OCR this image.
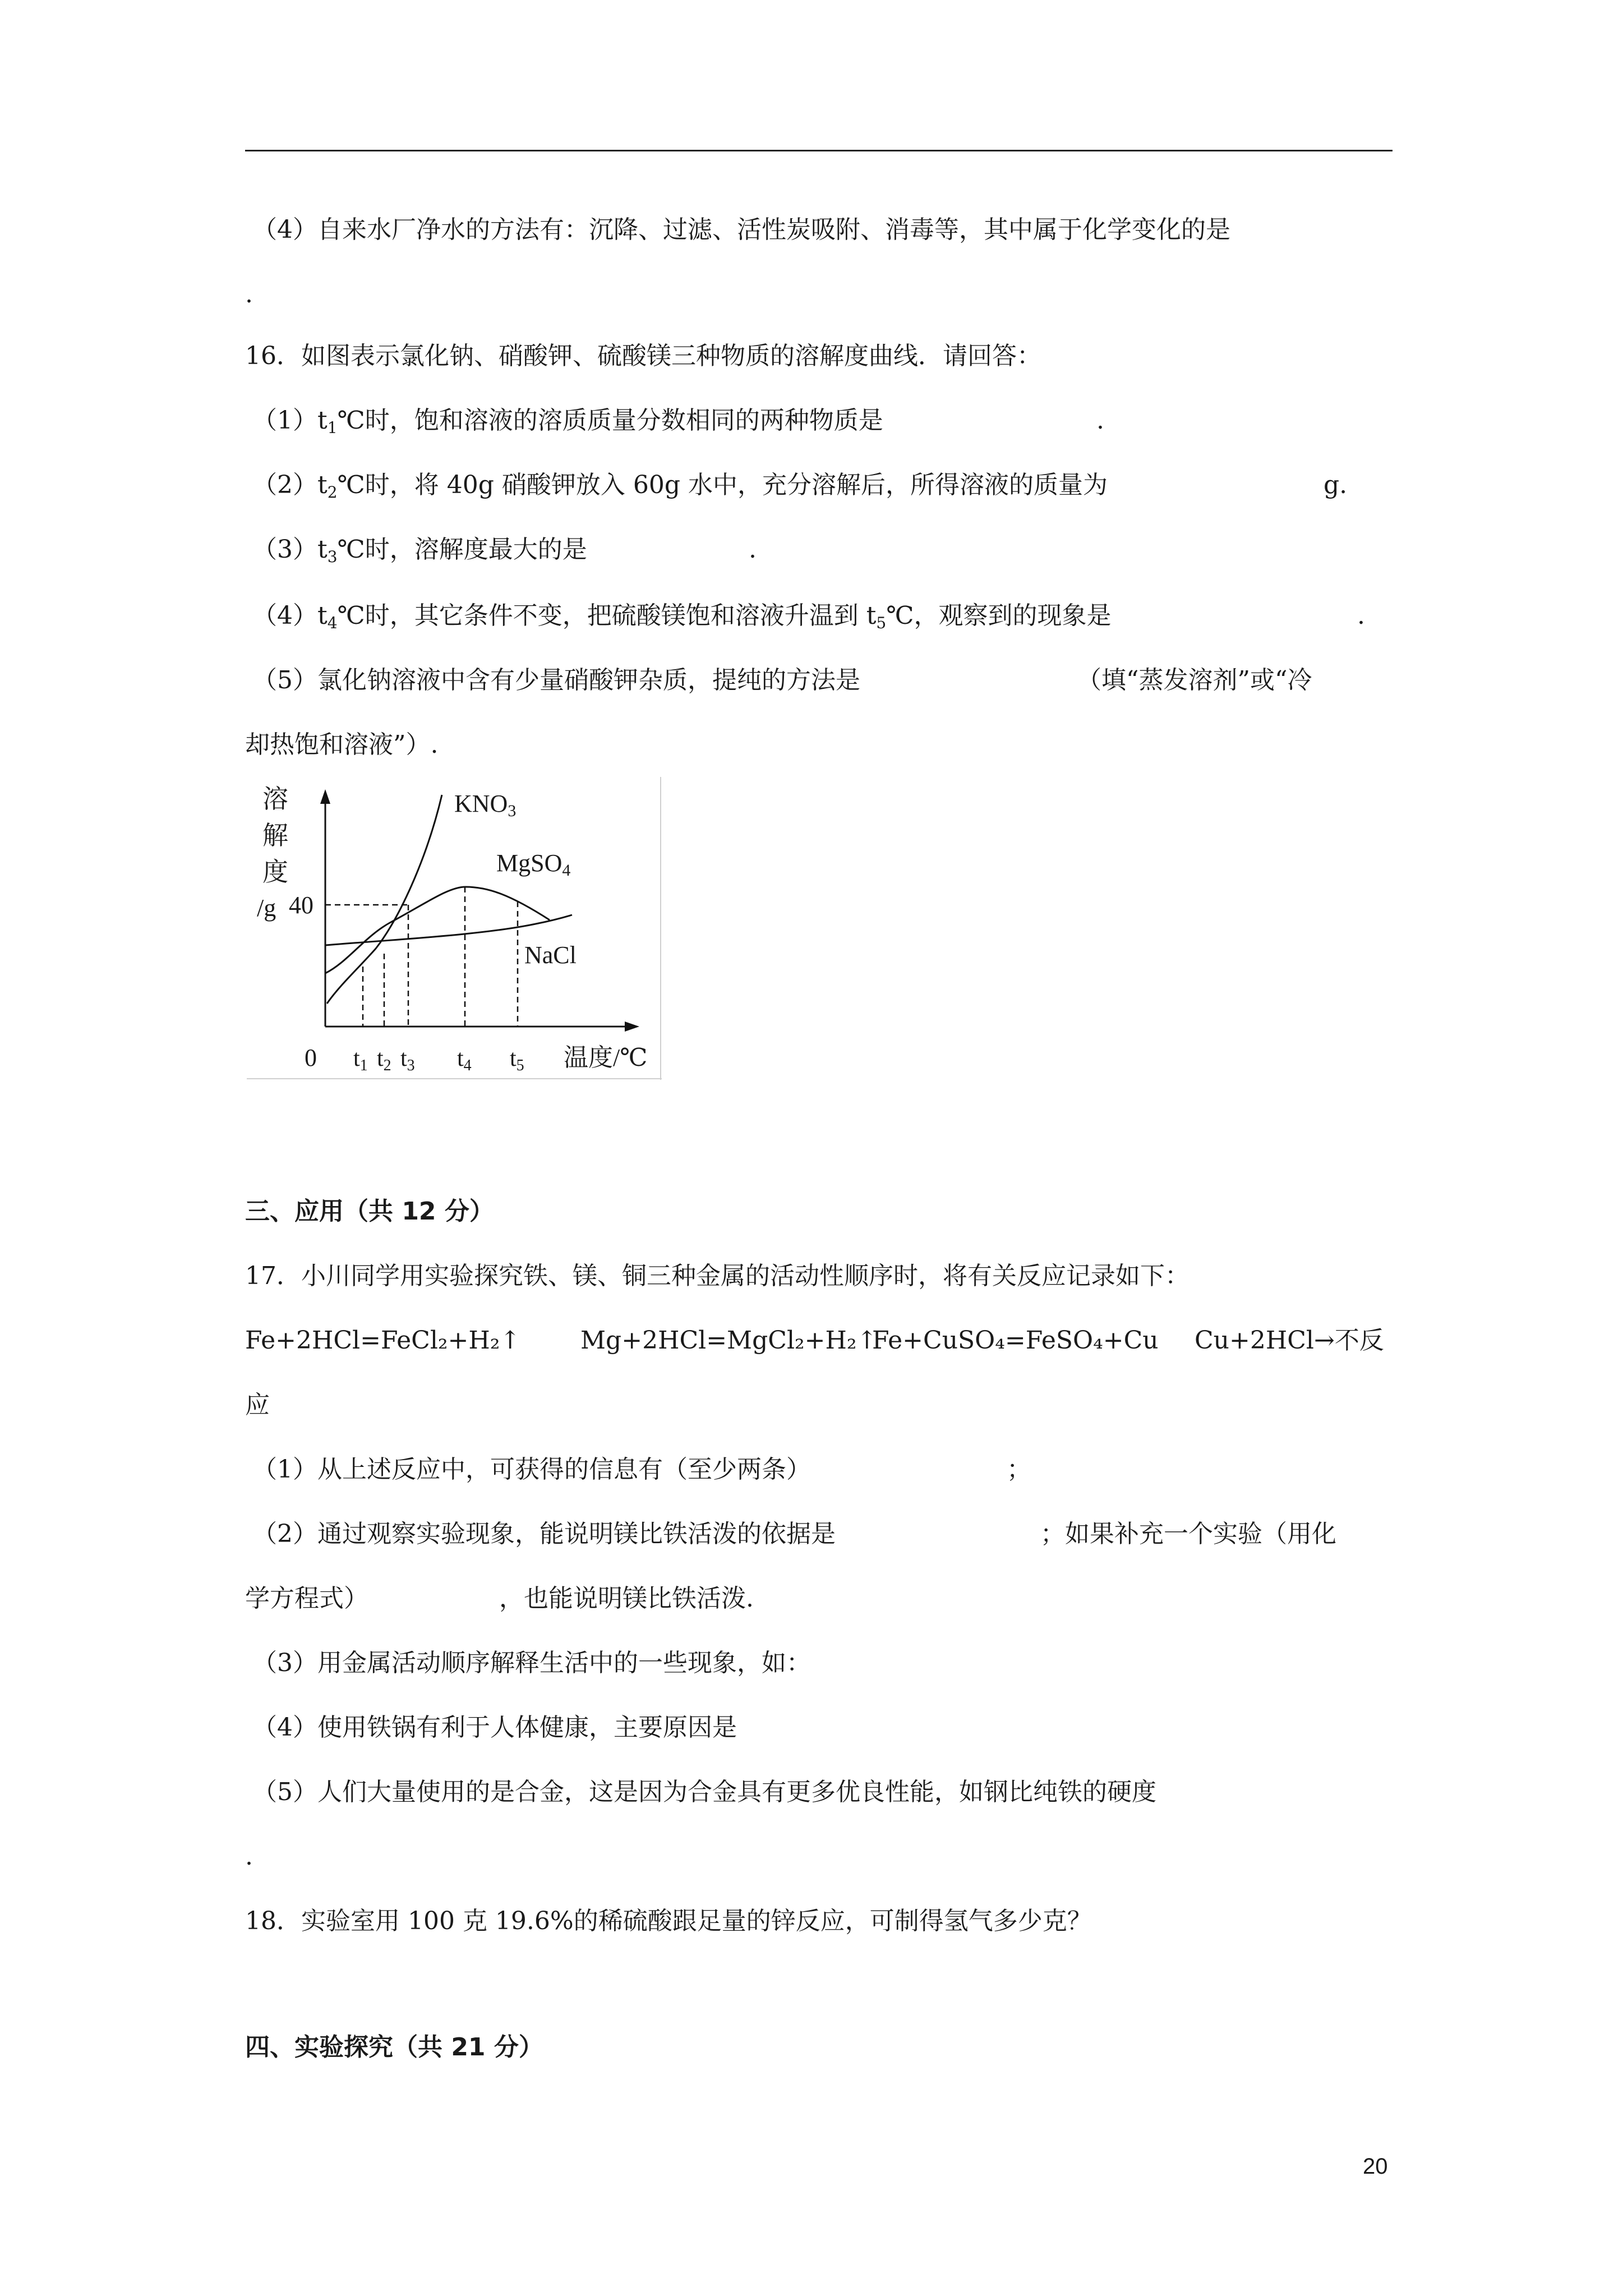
（4）自来水厂净水的方法有：沉降、过滤、活性炭吸附、消毒等，其中属于化学变化的是
.
16．如图表示氯化钠、硝酸钾、硫酸镁三种物质的溶解度曲线．请回答：
$(1)t_1℃$时，饱和溶液的溶质质量分数相同的两种物质是	.
$(2)t_2℃$时，将 40g 硝酸钾放入 60g 水中，充分溶解后，所得溶液的质量为	g.
$(3)t_3℃$时，溶解度最大的是	.
$(4)t_4℃$时，其它条件不变，把硫酸镁饱和溶液升温到 $t_5℃$，观察到的现象是	.
（5）氯化钠溶液中含有少量硝酸钾杂质，提纯的方法是	（填“蒸发溶剂”或“冷
却热饱和溶液”）.
溶
解
度
/g
KNO3
MgSO4
NaCl
40
0 t1 t2 t3 t4 t5 温度/℃
三、应用（共 12 分）
17．小川同学用实验探究铁、镁、铜三种金属的活动性顺序时，将有关反应记录如下：
Fe+2HCl=FeCl₂+H₂↑ Mg+2HCl=MgCl₂+H₂↑
Fe+CuSO₄=FeSO₄+Cu Cu+2HCl→不反
应
（1）从上述反应中，可获得的信息有（至少两条）	；
（2）通过观察实验现象，能说明镁比铁活泼的依据是	；如果补充一个实验（用化
学方程式）	，也能说明镁比铁活泼.
（3）用金属活动顺序解释生活中的一些现象，如：
（4）使用铁锅有利于人体健康，主要原因是
（5）人们大量使用的是合金，这是因为合金具有更多优良性能，如钢比纯铁的硬度
.
18．实验室用 100 克 19.6%的稀硫酸跟足量的锌反应，可制得氢气多少克？
四、实验探究（共 21 分）
20
